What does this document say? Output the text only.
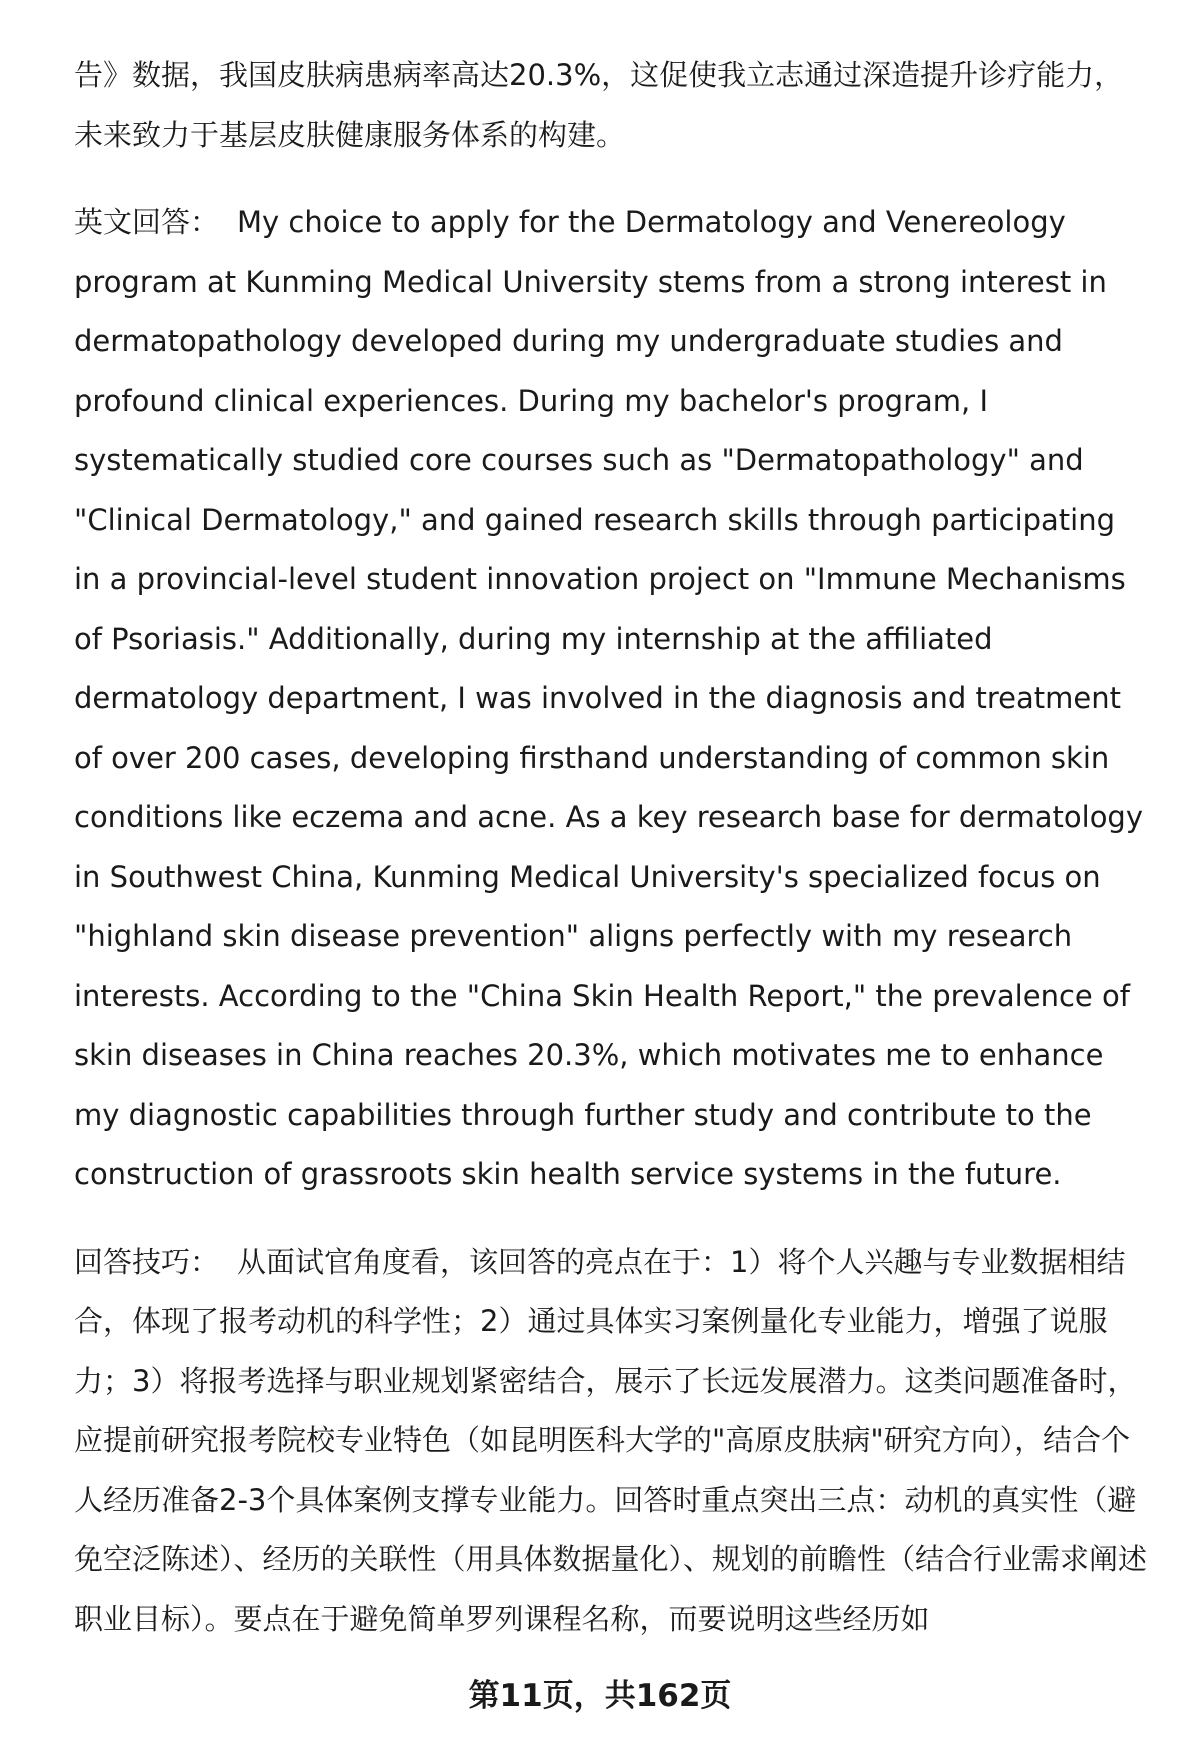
告》数据，我国皮肤病患病率高达20.3%，这促使我立志通过深造提升诊疗能力，未来致力于基层皮肤健康服务体系的构建。

英文回答： My choice to apply for the Dermatology and Venereology program at Kunming Medical University stems from a strong interest in dermatopathology developed during my undergraduate studies and profound clinical experiences. During my bachelor's program, I systematically studied core courses such as "Dermatopathology" and "Clinical Dermatology," and gained research skills through participating in a provincial-level student innovation project on "Immune Mechanisms of Psoriasis." Additionally, during my internship at the affiliated dermatology department, I was involved in the diagnosis and treatment of over 200 cases, developing firsthand understanding of common skin conditions like eczema and acne. As a key research base for dermatology in Southwest China, Kunming Medical University's specialized focus on "highland skin disease prevention" aligns perfectly with my research interests. According to the "China Skin Health Report," the prevalence of skin diseases in China reaches 20.3%, which motivates me to enhance my diagnostic capabilities through further study and contribute to the construction of grassroots skin health service systems in the future.

回答技巧： 从面试官角度看，该回答的亮点在于：1）将个人兴趣与专业数据相结合，体现了报考动机的科学性；2）通过具体实习案例量化专业能力，增强了说服力；3）将报考选择与职业规划紧密结合，展示了长远发展潜力。这类问题准备时，应提前研究报考院校专业特色（如昆明医科大学的"高原皮肤病"研究方向），结合个人经历准备2-3个具体案例支撑专业能力。回答时重点突出三点：动机的真实性（避免空泛陈述）、经历的关联性（用具体数据量化）、规划的前瞻性（结合行业需求阐述职业目标）。要点在于避免简单罗列课程名称，而要说明这些经历如

第11页，共162页
